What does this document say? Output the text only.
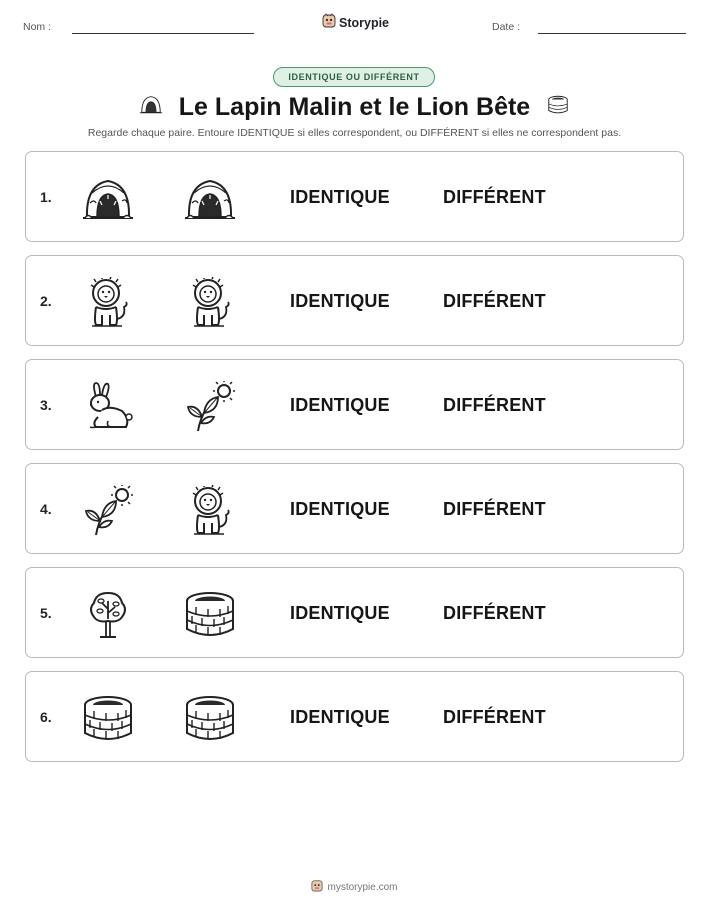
Nom :	Storypie	Date :
IDENTIQUE OU DIFFÉRENT
Le Lapin Malin et le Lion Bête
Regarde chaque paire. Entoure IDENTIQUE si elles correspondent, ou DIFFÉRENT si elles ne correspondent pas.
1.	IDENTIQUE	DIFFÉRENT
2.	IDENTIQUE	DIFFÉRENT
3.	IDENTIQUE	DIFFÉRENT
4.	IDENTIQUE	DIFFÉRENT
5.	IDENTIQUE	DIFFÉRENT
6.	IDENTIQUE	DIFFÉRENT
mystorypie.com
